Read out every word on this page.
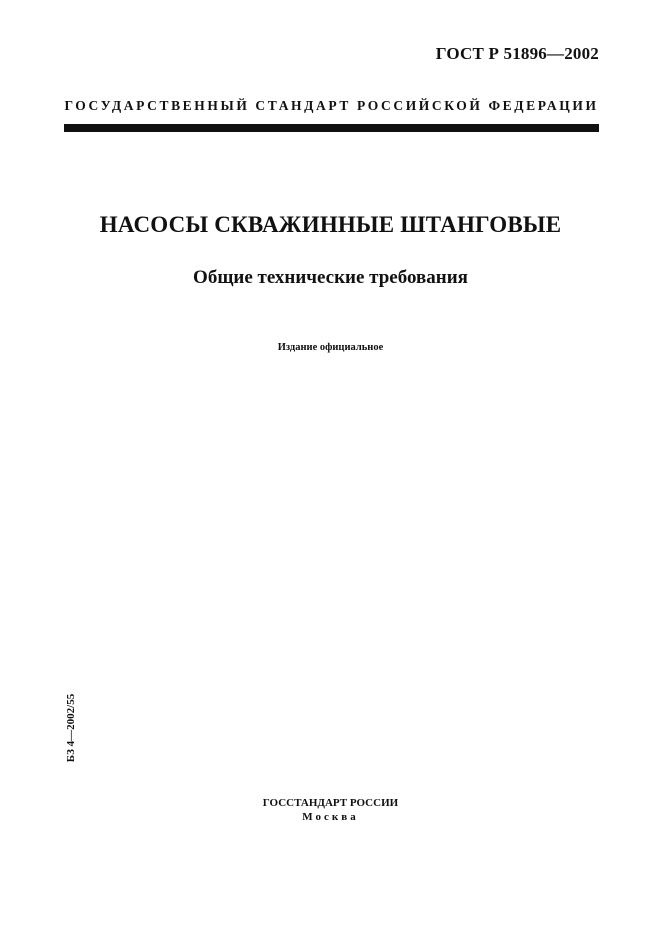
ГОСТ Р 51896—2002
ГОСУДАРСТВЕННЫЙ СТАНДАРТ РОССИЙСКОЙ ФЕДЕРАЦИИ
НАСОСЫ СКВАЖИННЫЕ ШТАНГОВЫЕ
Общие технические требования
Издание официальное
БЗ 4—2002/55
ГОССТАНДАРТ РОССИИ
Москва
